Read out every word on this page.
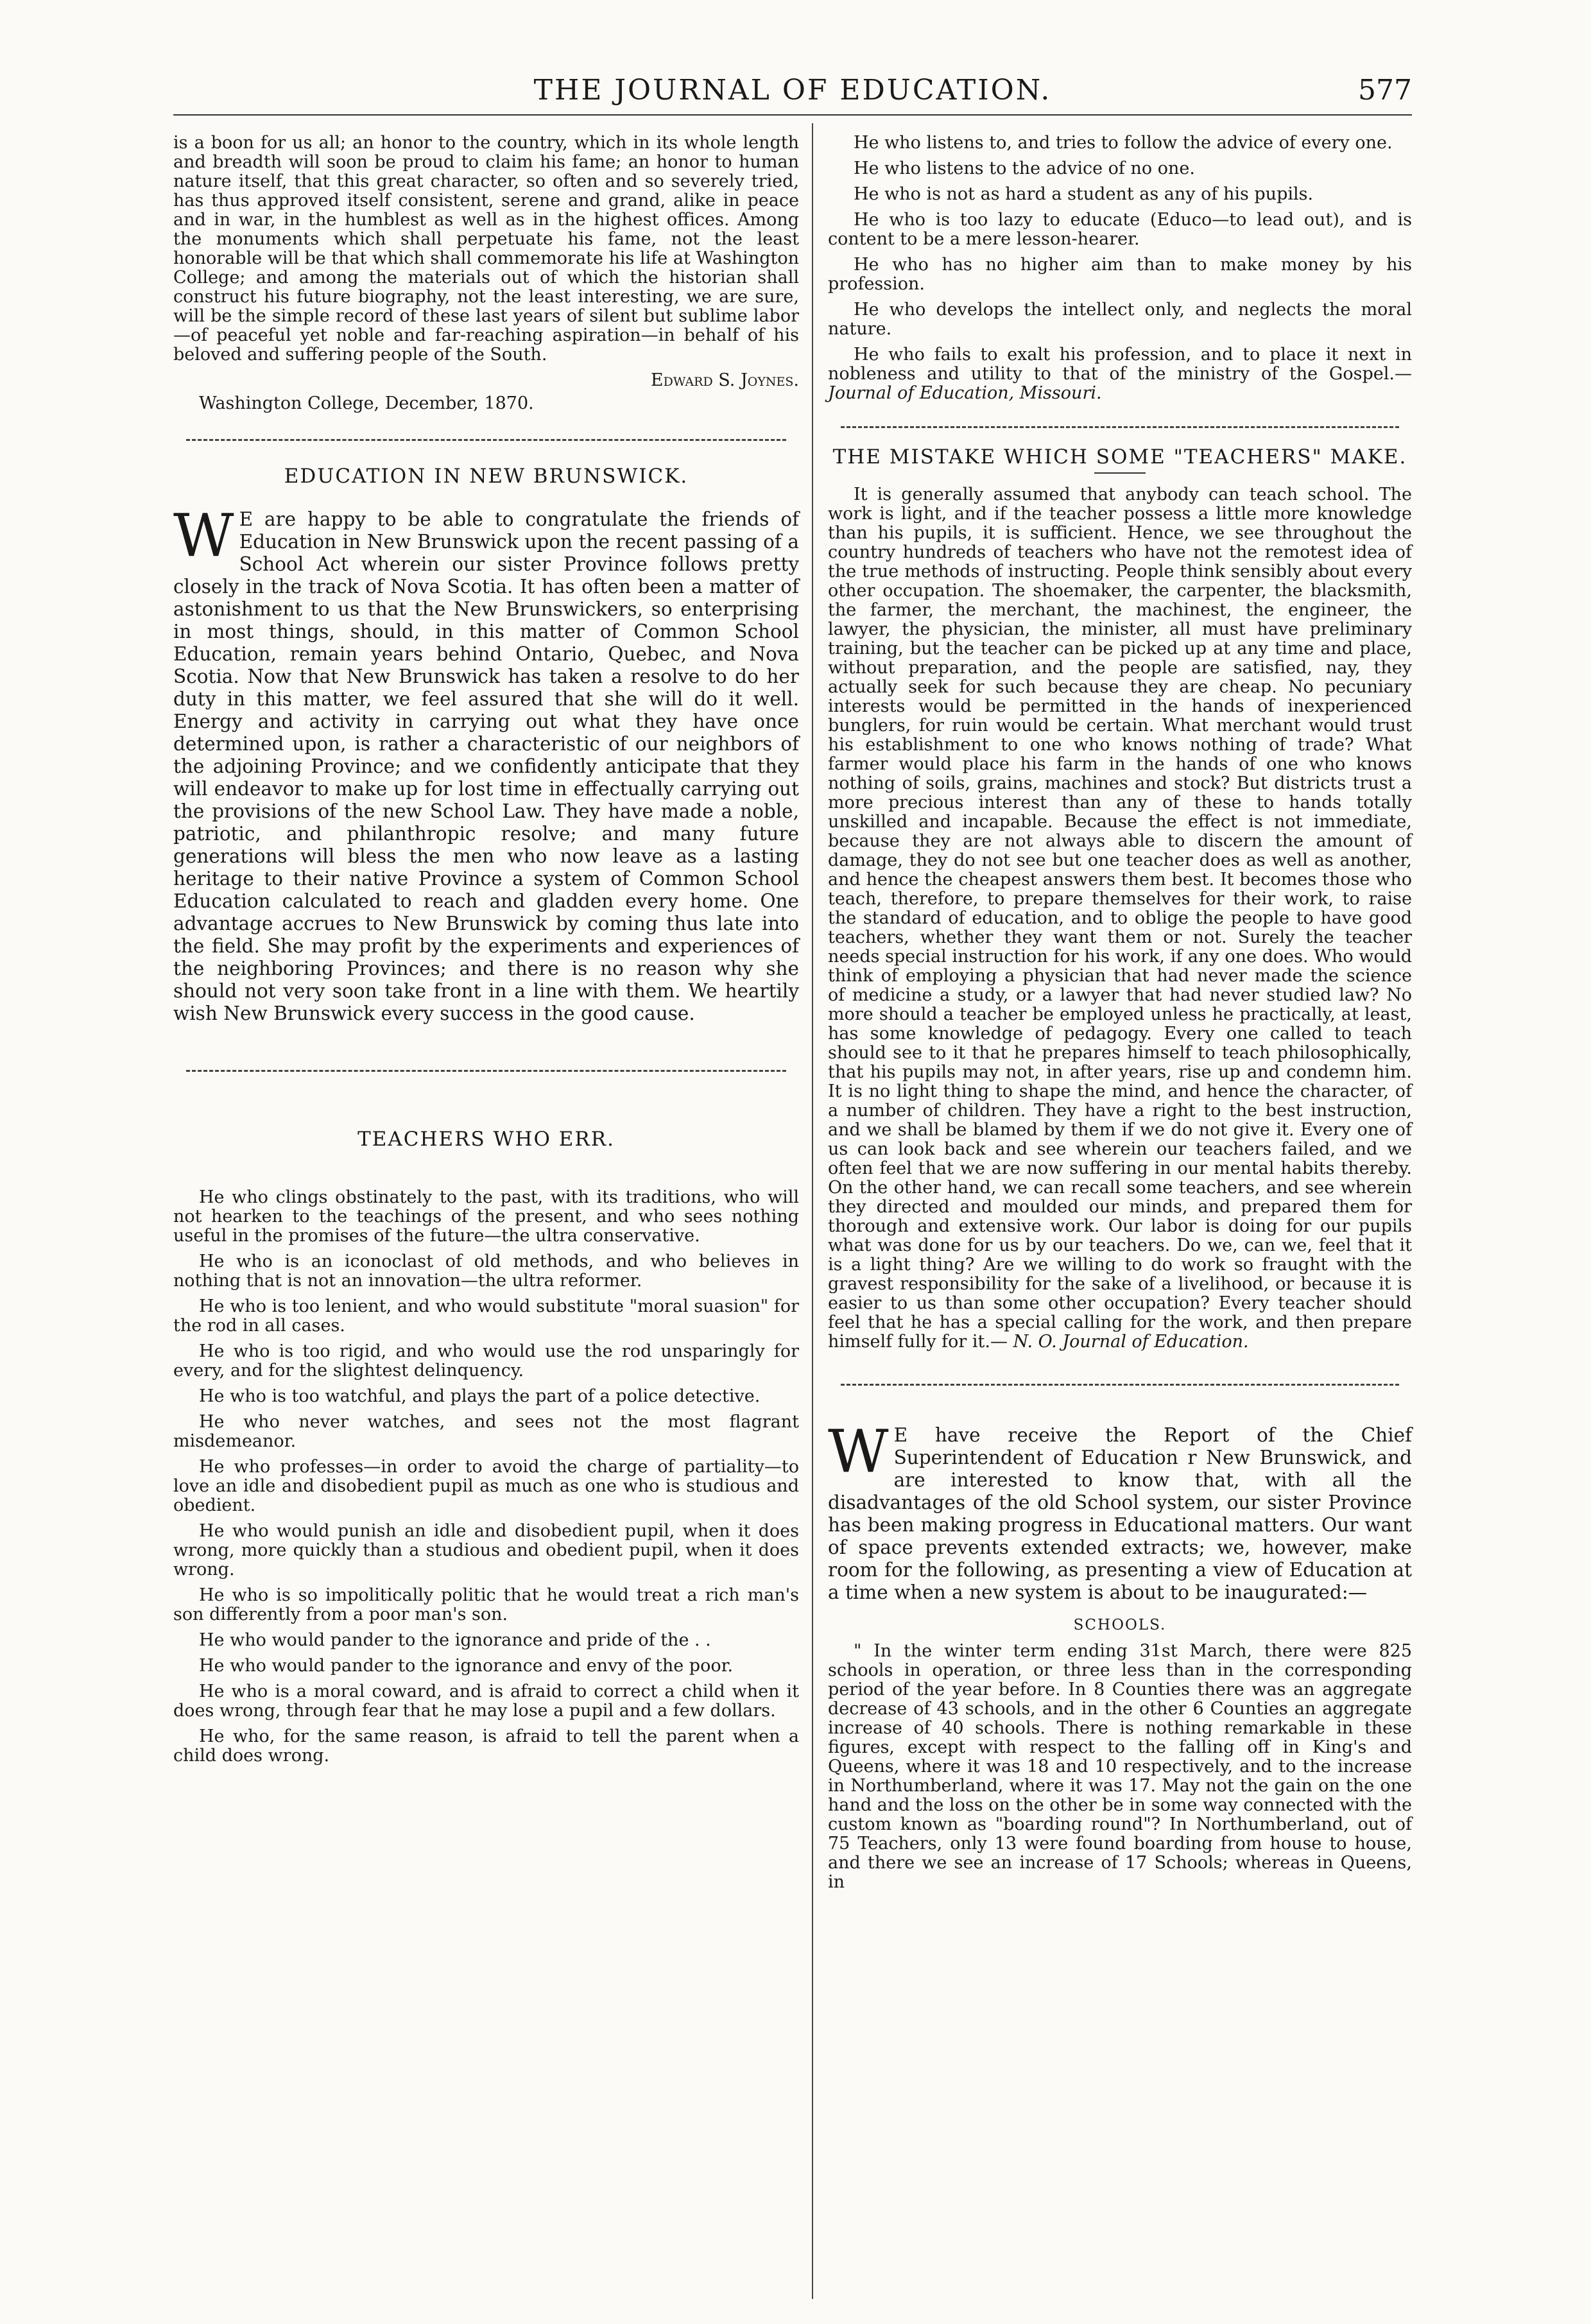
THE JOURNAL OF EDUCATION.	577

is a boon for us all; an honor to the country, which in its whole length and breadth will soon be proud to claim his fame; an honor to human nature itself, that this great character, so often and so severely tried, has thus approved itself consistent, serene and grand, alike in peace and in war, in the humblest as well as in the highest offices. Among the monuments which shall perpetuate his fame, not the least honorable will be that which shall commemorate his life at Washington College; and among the materials out of which the historian shall construct his future biography, not the least interesting, we are sure, will be the simple record of these last years of silent but sublime labor—of peaceful yet noble and far-reaching aspiration—in behalf of his beloved and suffering people of the South.

Edward S. Joynes.

Washington College, December, 1870.

EDUCATION IN NEW BRUNSWICK.

W E are happy to be able to congratulate the friends of Education in New Brunswick upon the recent passing of a School Act wherein our sister Province follows pretty closely in the track of Nova Scotia. It has often been a matter of astonishment to us that the New Brunswickers, so enterprising in most things, should, in this matter of Common School Education, remain years behind Ontario, Quebec, and Nova Scotia. Now that New Brunswick has taken a resolve to do her duty in this matter, we feel assured that she will do it well. Energy and activity in carrying out what they have once determined upon, is rather a characteristic of our neighbors of the adjoining Province; and we confidently anticipate that they will endeavor to make up for lost time in effectually carrying out the provisions of the new School Law. They have made a noble, patriotic, and philanthropic resolve; and many future generations will bless the men who now leave as a lasting heritage to their native Province a system of Common School Education calculated to reach and gladden every home. One advantage accrues to New Brunswick by coming thus late into the field. She may profit by the experiments and experiences of the neighboring Provinces; and there is no reason why she should not very soon take front in a line with them. We heartily wish New Brunswick every success in the good cause.

TEACHERS WHO ERR.

He who clings obstinately to the past, with its traditions, who will not hearken to the teachings of the present, and who sees nothing useful in the promises of the future—the ultra conservative.

He who is an iconoclast of old methods, and who believes in nothing that is not an innovation—the ultra reformer.

He who is too lenient, and who would substitute "moral suasion" for the rod in all cases.

He who is too rigid, and who would use the rod unsparingly for every, and for the slightest delinquency.

He who is too watchful, and plays the part of a police detective.

He who never watches, and sees not the most flagrant misdemeanor.

He who professes—in order to avoid the charge of partiality—to love an idle and disobedient pupil as much as one who is studious and obedient.

He who would punish an idle and disobedient pupil, when it does wrong, more quickly than a studious and obedient pupil, when it does wrong.

He who is so impolitically politic that he would treat a rich man's son differently from a poor man's son.

He who would pander to the ignorance and pride of the . .

He who would pander to the ignorance and envy of the poor.

He who is a moral coward, and is afraid to correct a child when it does wrong, through fear that he may lose a pupil and a few dollars.

He who, for the same reason, is afraid to tell the parent when a child does wrong.

He who listens to, and tries to follow the advice of every one.

He who listens to the advice of no one.

He who is not as hard a student as any of his pupils.

He who is too lazy to educate (Educo—to lead out), and is content to be a mere lesson-hearer.

He who has no higher aim than to make money by his profession.

He who develops the intellect only, and neglects the moral nature.

He who fails to exalt his profession, and to place it next in nobleness and utility to that of the ministry of the Gospel.— Journal of Education, Missouri.

THE MISTAKE WHICH SOME "TEACHERS" MAKE.

It is generally assumed that anybody can teach school. The work is light, and if the teacher possess a little more knowledge than his pupils, it is sufficient. Hence, we see throughout the country hundreds of teachers who have not the remotest idea of the true methods of instructing. People think sensibly about every other occupation. The shoemaker, the carpenter, the blacksmith, the farmer, the merchant, the machinest, the engineer, the lawyer, the physician, the minister, all must have preliminary training, but the teacher can be picked up at any time and place, without preparation, and the people are satisfied, nay, they actually seek for such because they are cheap. No pecuniary interests would be permitted in the hands of inexperienced bunglers, for ruin would be certain. What merchant would trust his establishment to one who knows nothing of trade? What farmer would place his farm in the hands of one who knows nothing of soils, grains, machines and stock? But districts trust a more precious interest than any of these to hands totally unskilled and incapable. Because the effect is not immediate, because they are not always able to discern the amount of damage, they do not see but one teacher does as well as another, and hence the cheapest answers them best. It becomes those who teach, therefore, to prepare themselves for their work, to raise the standard of education, and to oblige the people to have good teachers, whether they want them or not. Surely the teacher needs special instruction for his work, if any one does. Who would think of employing a physician that had never made the science of medicine a study, or a lawyer that had never studied law? No more should a teacher be employed unless he practically, at least, has some knowledge of pedagogy. Every one called to teach should see to it that he prepares himself to teach philosophically, that his pupils may not, in after years, rise up and condemn him. It is no light thing to shape the mind, and hence the character, of a number of children. They have a right to the best instruction, and we shall be blamed by them if we do not give it. Every one of us can look back and see wherein our teachers failed, and we often feel that we are now suffering in our mental habits thereby. On the other hand, we can recall some teachers, and see wherein they directed and moulded our minds, and prepared them for thorough and extensive work. Our labor is doing for our pupils what was done for us by our teachers. Do we, can we, feel that it is a light thing? Are we willing to do work so fraught with the gravest responsibility for the sake of a livelihood, or because it is easier to us than some other occupation? Every teacher should feel that he has a special calling for the work, and then prepare himself fully for it.— N. O. Journal of Education.

W E have receive the Report of the Chief Superintendent of Education r New Brunswick, and are interested to know that, with all the disadvantages of the old School system, our sister Province has been making progress in Educational matters. Our want of space prevents extended extracts; we, however, make room for the following, as presenting a view of Education at a time when a new system is about to be inaugurated:—

SCHOOLS.

" In the winter term ending 31st March, there were 825 schools in operation, or three less than in the corresponding period of the year before. In 8 Counties there was an aggregate decrease of 43 schools, and in the other 6 Counties an aggregate increase of 40 schools. There is nothing remarkable in these figures, except with respect to the falling off in King's and Queens, where it was 18 and 10 respectively, and to the increase in Northumberland, where it was 17. May not the gain on the one hand and the loss on the other be in some way connected with the custom known as "boarding round"? In Northumberland, out of 75 Teachers, only 13 were found boarding from house to house, and there we see an increase of 17 Schools; whereas in Queens, in
